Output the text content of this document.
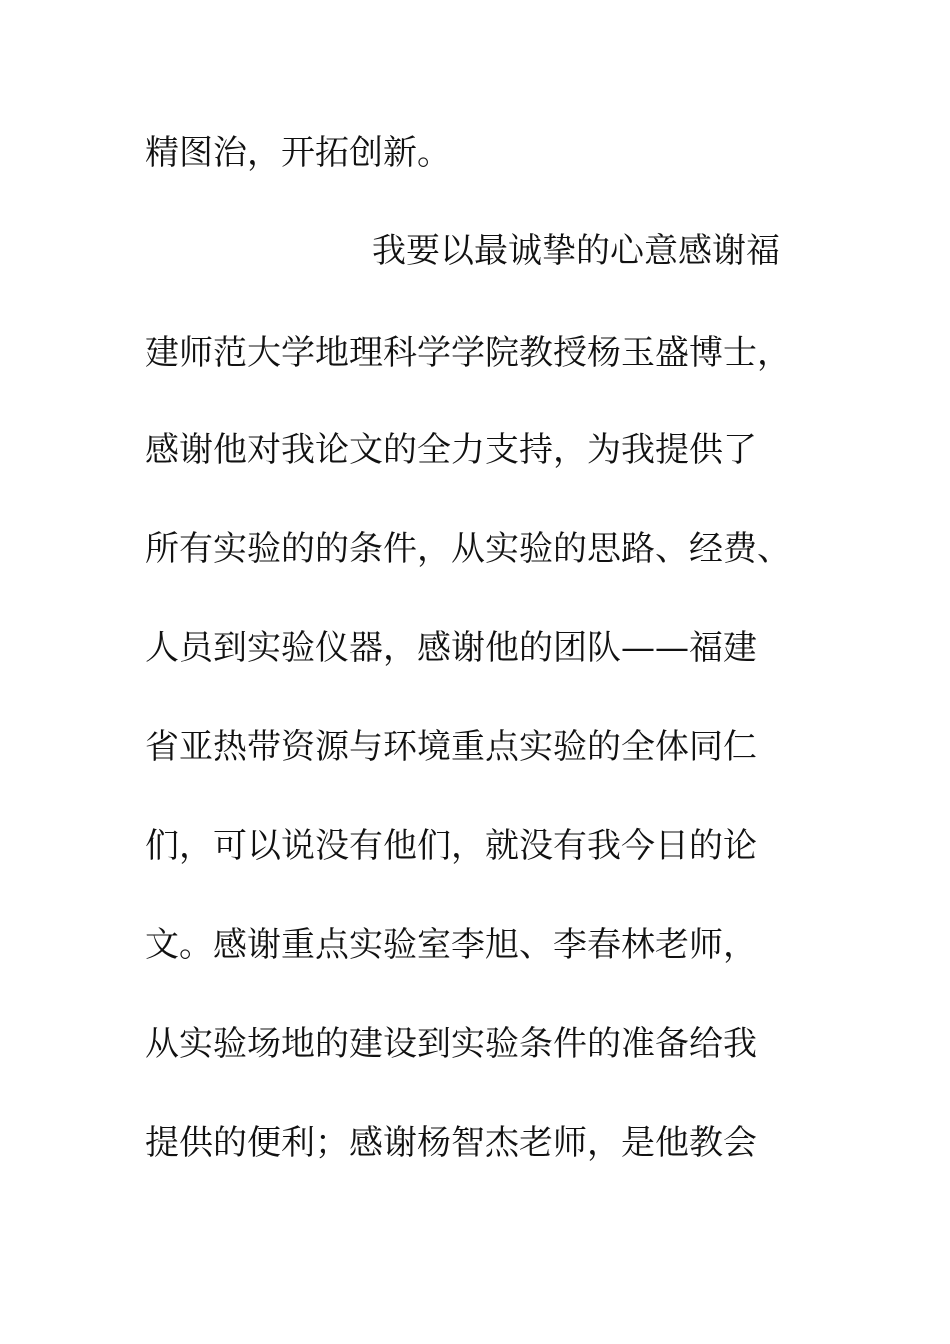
精图治，开拓创新。
我要以最诚挚的心意感谢福
建师范大学地理科学学院教授杨玉盛博士，
感谢他对我论文的全力支持，为我提供了
所有实验的的条件，从实验的思路、经费、
人员到实验仪器，感谢他的团队——福建
省亚热带资源与环境重点实验的全体同仁
们，可以说没有他们，就没有我今日的论
文。感谢重点实验室李旭、李春林老师，
从实验场地的建设到实验条件的准备给我
提供的便利；感谢杨智杰老师，是他教会
